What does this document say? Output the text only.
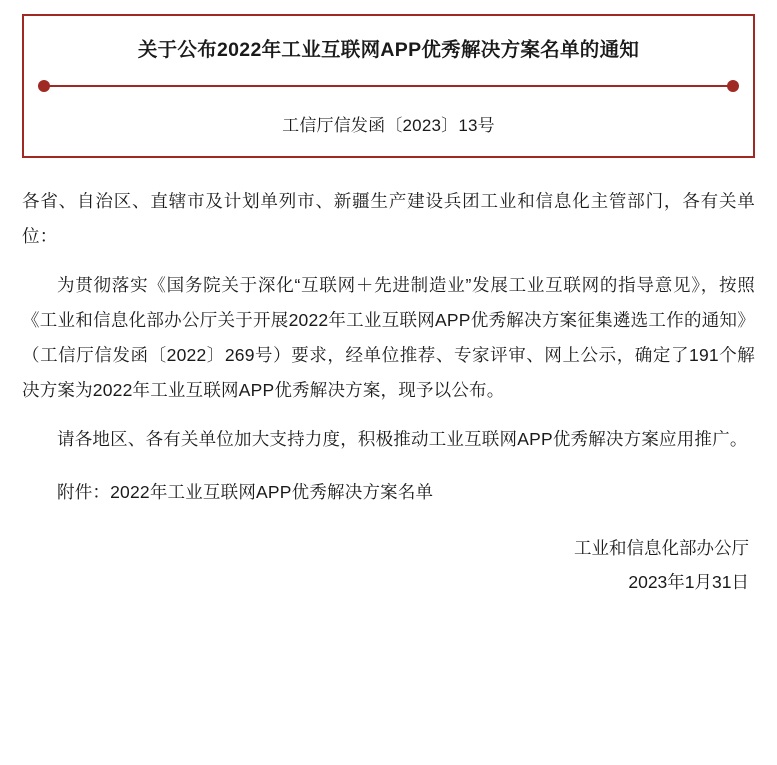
关于公布2022年工业互联网APP优秀解决方案名单的通知
工信厅信发函〔2023〕13号

各省、自治区、直辖市及计划单列市、新疆生产建设兵团工业和信息化主管部门，各有关单位：

为贯彻落实《国务院关于深化“互联网＋先进制造业”发展工业互联网的指导意见》，按照《工业和信息化部办公厅关于开展2022年工业互联网APP优秀解决方案征集遴选工作的通知》（工信厅信发函〔2022〕269号）要求，经单位推荐、专家评审、网上公示，确定了191个解决方案为2022年工业互联网APP优秀解决方案，现予以公布。

请各地区、各有关单位加大支持力度，积极推动工业互联网APP优秀解决方案应用推广。

附件：2022年工业互联网APP优秀解决方案名单

工业和信息化部办公厅
2023年1月31日
